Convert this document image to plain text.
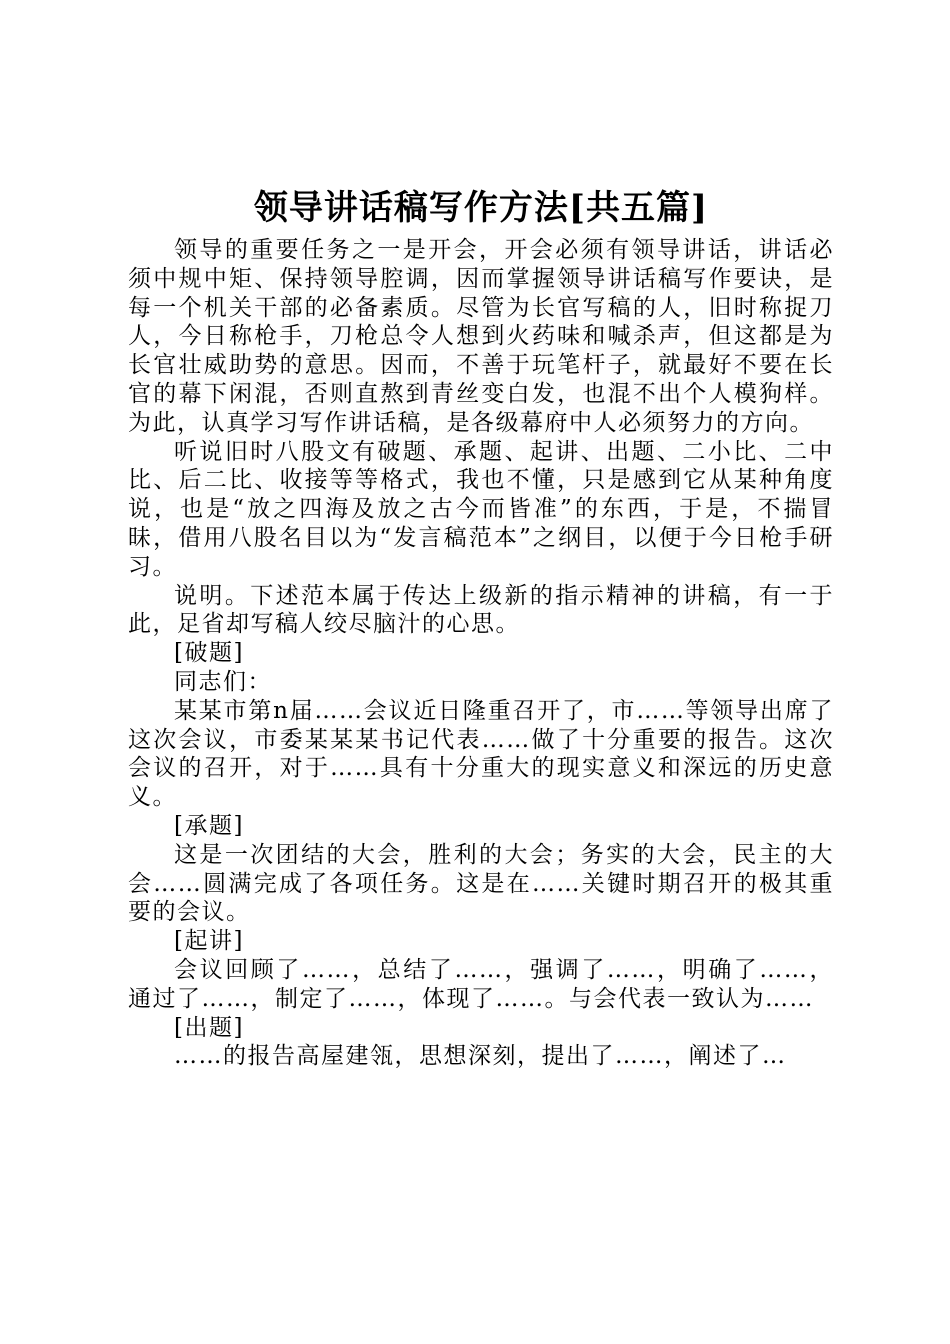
领导讲话稿写作方法[共五篇]

领导的重要任务之一是开会，开会必须有领导讲话，讲话必须中规中矩、保持领导腔调，因而掌握领导讲话稿写作要诀，是每一个机关干部的必备素质。尽管为长官写稿的人，旧时称捉刀人，今日称枪手，刀枪总令人想到火药味和喊杀声，但这都是为长官壮威助势的意思。因而，不善于玩笔杆子，就最好不要在长官的幕下闲混，否则直熬到青丝变白发，也混不出个人模狗样。为此，认真学习写作讲话稿，是各级幕府中人必须努力的方向。

听说旧时八股文有破题、承题、起讲、出题、二小比、二中比、后二比、收接等等格式，我也不懂，只是感到它从某种角度说，也是“放之四海及放之古今而皆准”的东西，于是，不揣冒昧，借用八股名目以为“发言稿范本”之纲目，以便于今日枪手研习。

说明。下述范本属于传达上级新的指示精神的讲稿，有一于此，足省却写稿人绞尽脑汁的心思。

[破题]

同志们：

某某市第n届……会议近日隆重召开了，市……等领导出席了这次会议，市委某某某书记代表……做了十分重要的报告。这次会议的召开，对于……具有十分重大的现实意义和深远的历史意义。

[承题]

这是一次团结的大会，胜利的大会；务实的大会，民主的大会……圆满完成了各项任务。这是在……关键时期召开的极其重要的会议。

[起讲]

会议回顾了……，总结了……，强调了……，明确了……，通过了……，制定了……，体现了……。与会代表一致认为……

[出题]

……的报告高屋建瓴，思想深刻，提出了……，阐述了…
